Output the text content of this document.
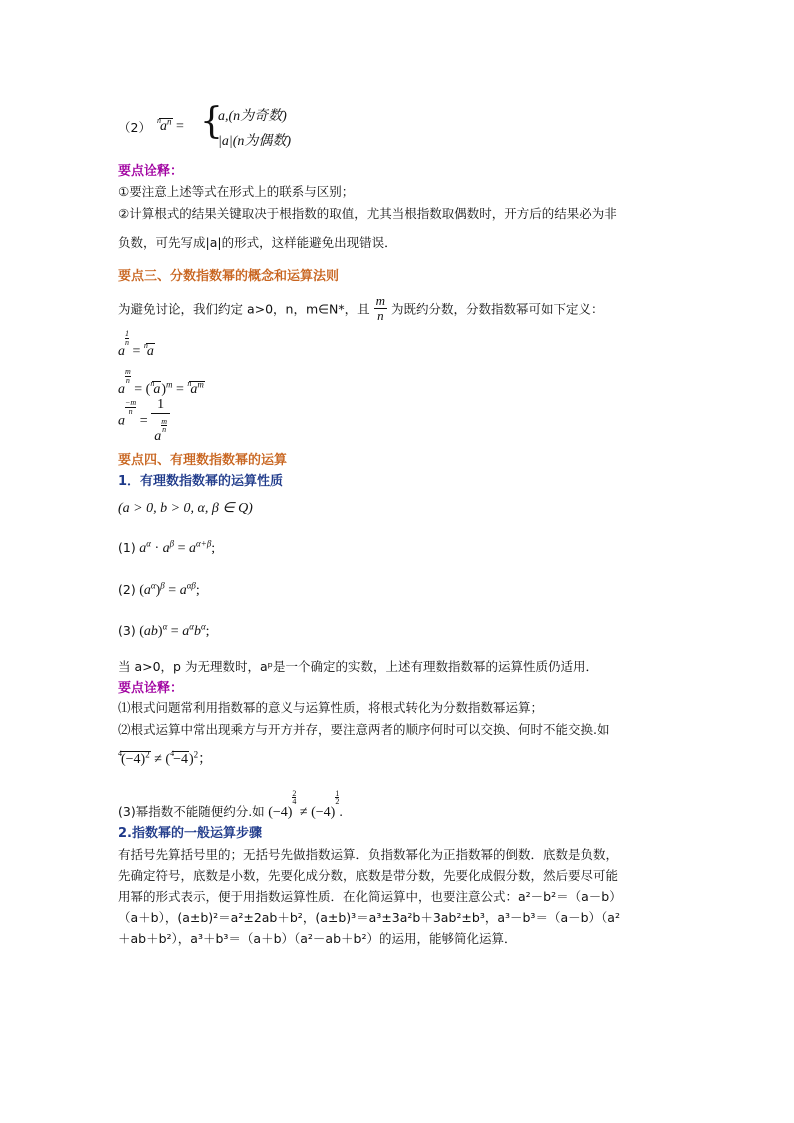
（2） $^na^n$ = {
a,(n为奇数)
|a|(n为偶数)
要点诠释：
①要注意上述等式在形式上的联系与区别；
②计算根式的结果关键取决于根指数的取值，尤其当根指数取偶数时，开方后的结果必为非
负数，可先写成|a|的形式，这样能避免出现错误．
要点三、分数指数幂的概念和运算法则
为避免讨论，我们约定 a>0，n，m∈N*，且 $\frac{m}{n}$ 为既约分数，分数指数幂可如下定义：
a
$\frac{1}{n}$
= $^n$a
a
$\frac{m}{n}$
= $(^na)^m = ^na^m$
a
$\frac{-m}{n}$
= 1
a
$\frac{m}{n}$
要点四、有理数指数幂的运算
1．有理数指数幂的运算性质
(a > 0, b > 0, α, β ∈ Q)
(1) $a^\alpha \cdot a^\beta = a^{\alpha+\beta}$;
(2) $(a^\alpha)^\beta = a^{\alpha\beta}$;
(3) $(ab)^\alpha = a^\alpha b^\alpha$;
当 a>0，p 为无理数时，aᵖ是一个确定的实数，上述有理数指数幂的运算性质仍适用．
要点诠释：
⑴根式问题常利用指数幂的意义与运算性质，将根式转化为分数指数幂运算；
⑵根式运算中常出现乘方与开方并存，要注意两者的顺序何时可以交换、何时不能交换.如
$^4(-4)^2 \ne (^4-4)^2$；
(3)幂指数不能随便约分.如 (−4)
$\frac{2}{4}$
≠ (−4)
$\frac{1}{2}$
.
2.指数幂的一般运算步骤
有括号先算括号里的；无括号先做指数运算．负指数幂化为正指数幂的倒数．底数是负数，
先确定符号，底数是小数，先要化成分数，底数是带分数，先要化成假分数，然后要尽可能
用幂的形式表示，便于用指数运算性质．在化简运算中，也要注意公式：a²－b²＝（a－b）
（a＋b），(a±b)²＝a²±2ab＋b²，(a±b)³＝a³±3a²b＋3ab²±b³，a³－b³＝（a－b）（a²
＋ab＋b²），a³＋b³＝（a＋b）（a²－ab＋b²）的运用，能够简化运算．
